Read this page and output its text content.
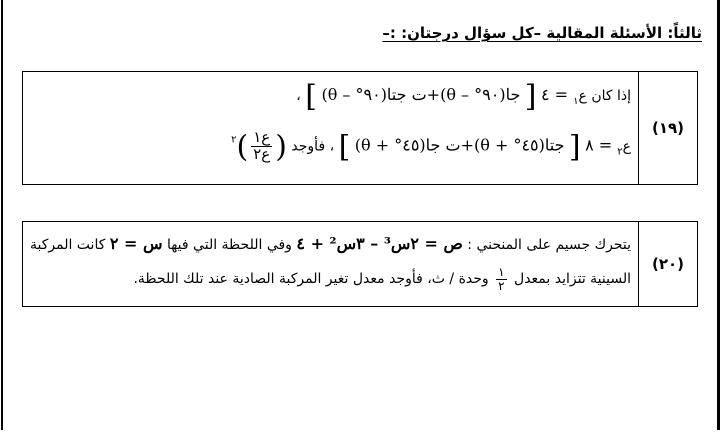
ثالثاً: الأسئلة المقالية –كل سؤال درجتان: :–
(١٩)
إذا كان ع$_١$ = ٤ [ جا(٩٠° – θ)+ت جتا(٩٠° – θ) ] ،
ع$_٢$ = ٨ [ جتا(٤٥° + θ)+ت جا(٤٥° + θ) ] ، فأوجد (
$\frac{\text{ع١}}{\text{ع٢}}$
)$^٢$
(٢٠)
يتحرك جسيم على المنحني : ص = ٢س³ – ٣س² + ٤ وفي اللحظة التي فيها س = ٢ كانت المركبة
السينية تتزايد بمعدل
$\frac{١}{٢}$
وحدة / ث، فأوجد معدل تغير المركبة الصادية عند تلك اللحظة.
